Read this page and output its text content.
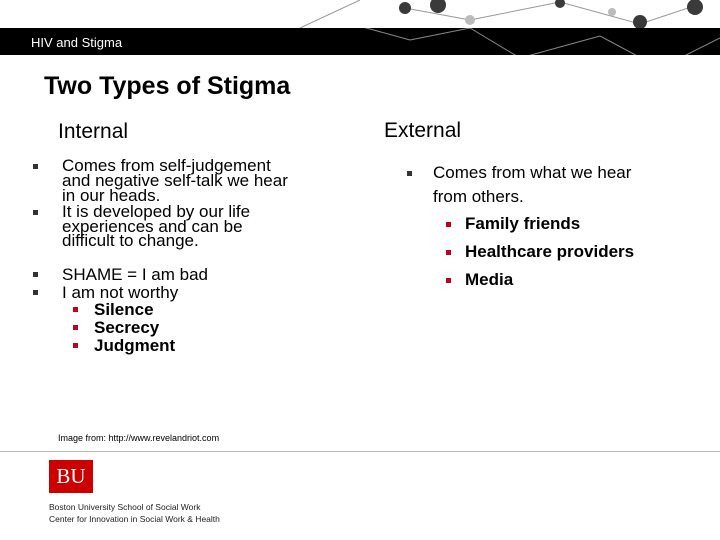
HIV and Stigma
Two Types of Stigma
Internal	External
Comes from self-judgement
and negative self-talk we hear
in our heads.
It is developed by our life
experiences and can be
difficult to change.
SHAME = I am bad
I am not worthy
Silence
Secrecy
Judgment
Comes from what we hear
from others.
Family friends
Healthcare providers
Media
Image from: http://www.revelandriot.com
BU
Boston University School of Social Work
Center for Innovation in Social Work & Health
